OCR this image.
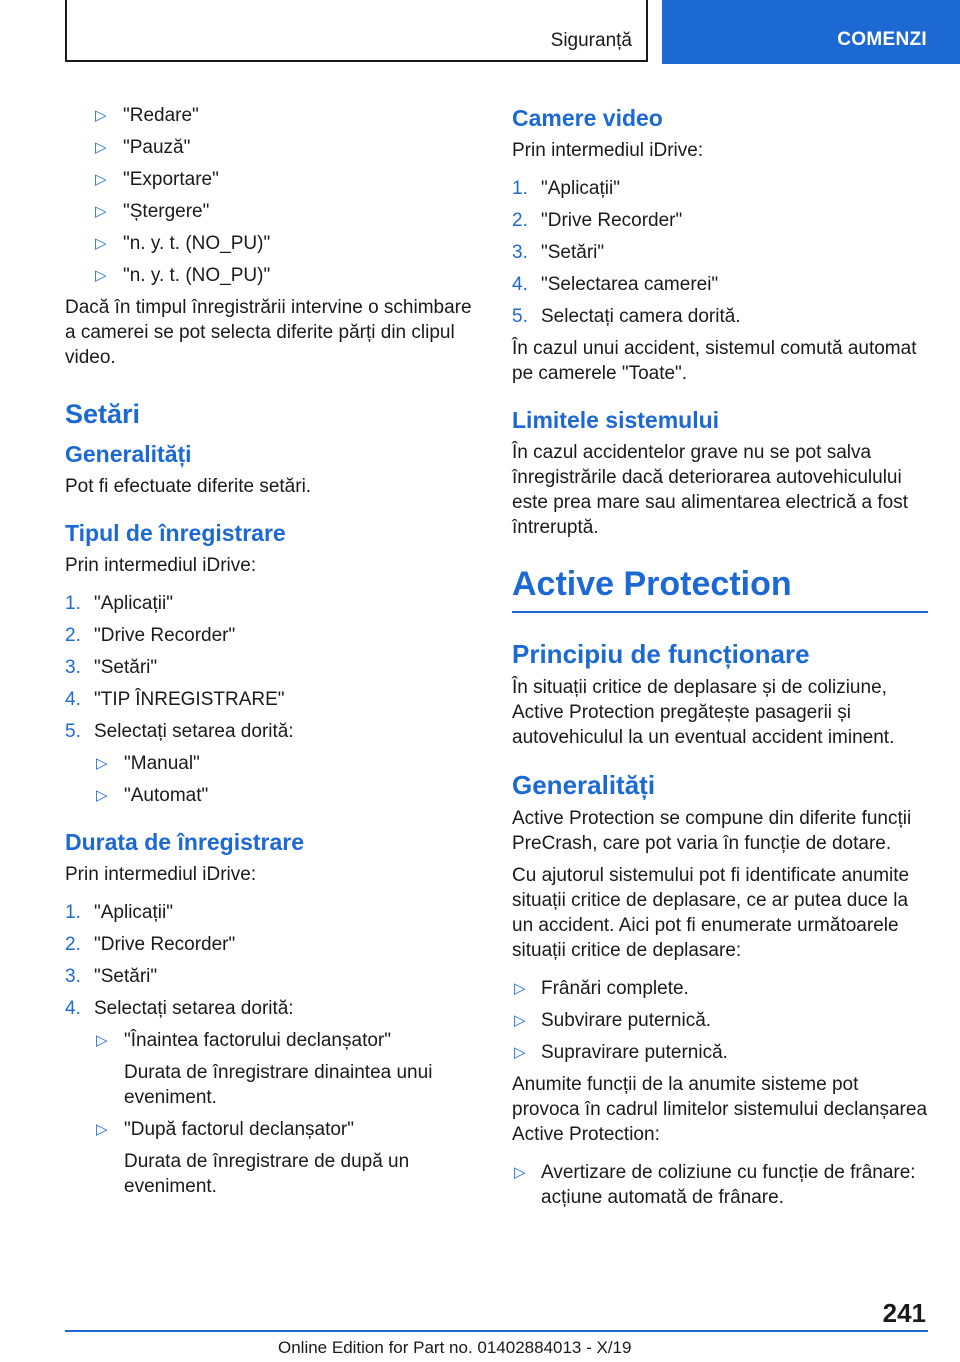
Siguranță	COMENZI
▷ "Redare"
▷ "Pauză"
▷ "Exportare"
▷ "Ștergere"
▷ "n. y. t. (NO_PU)"
▷ "n. y. t. (NO_PU)"

Dacă în timpul înregistrării intervine o schimbare a camerei se pot selecta diferite părți din clipul video.

Setări
Generalități

Pot fi efectuate diferite setări.

Tipul de înregistrare

Prin intermediul iDrive:

1. "Aplicații"
2. "Drive Recorder"
3. "Setări"
4. "TIP ÎNREGISTRARE"
5. Selectați setarea dorită:
▷ "Manual"
▷ "Automat"
Durata de înregistrare

Prin intermediul iDrive:

1. "Aplicații"
2. "Drive Recorder"
3. "Setări"
4. Selectați setarea dorită:
▷ "Înaintea factorului declanșator"
Durata de înregistrare dinaintea unui eveniment.
▷ "După factorul declanșator"
Durata de înregistrare de după un eveniment.
Camere video

Prin intermediul iDrive:

1. "Aplicații"
2. "Drive Recorder"
3. "Setări"
4. "Selectarea camerei"
5. Selectați camera dorită.

În cazul unui accident, sistemul comută automat pe camerele "Toate".

Limitele sistemului

În cazul accidentelor grave nu se pot salva înregistrările dacă deteriorarea autovehiculului este prea mare sau alimentarea electrică a fost întreruptă.

Active Protection
Principiu de funcționare

În situații critice de deplasare și de coliziune, Active Protection pregătește pasagerii și autovehiculul la un eventual accident iminent.

Generalități

Active Protection se compune din diferite funcții PreCrash, care pot varia în funcție de dotare.

Cu ajutorul sistemului pot fi identificate anumite situații critice de deplasare, ce ar putea duce la un accident. Aici pot fi enumerate următoarele situații critice de deplasare:

▷ Frânări complete.
▷ Subvirare puternică.
▷ Supravirare puternică.

Anumite funcții de la anumite sisteme pot provoca în cadrul limitelor sistemului declanșarea Active Protection:

▷ Avertizare de coliziune cu funcție de frânare: acțiune automată de frânare.
241
Online Edition for Part no. 01402884013 - X/19
